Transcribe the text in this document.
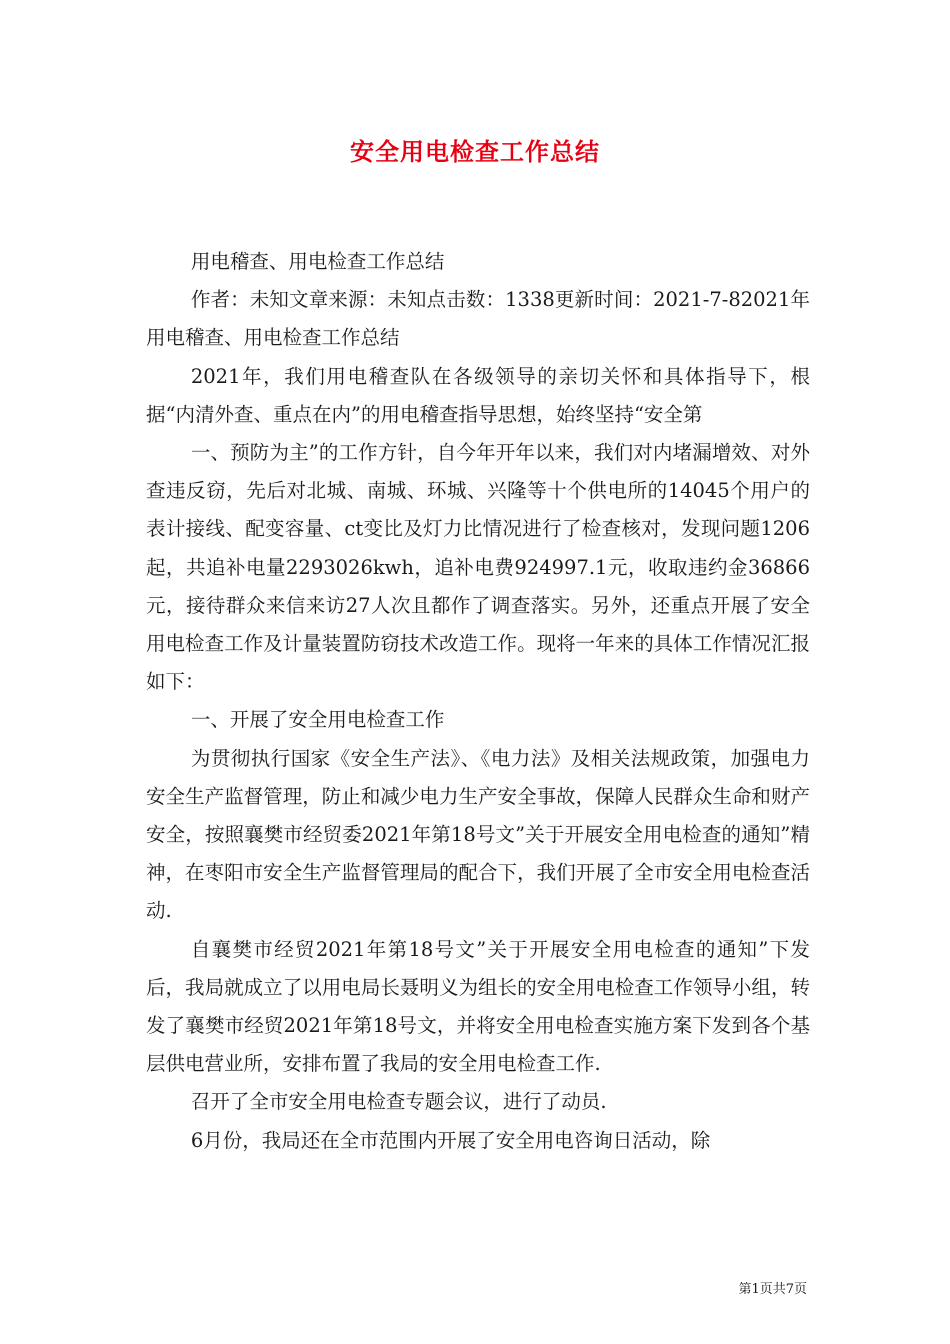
安全用电检查工作总结

用电稽查、用电检查工作总结

作者：未知文章来源：未知点击数：1338更新时间：2021-7-82021年用电稽查、用电检查工作总结

2021年，我们用电稽查队在各级领导的亲切关怀和具体指导下，根据“内清外查、重点在内”的用电稽查指导思想，始终坚持“安全第

一、预防为主”的工作方针，自今年开年以来，我们对内堵漏增效、对外查违反窃，先后对北城、南城、环城、兴隆等十个供电所的14045个用户的表计接线、配变容量、ct变比及灯力比情况进行了检查核对，发现问题1206起，共追补电量2293026kwh，追补电费924997.1元，收取违约金36866元，接待群众来信来访27人次且都作了调查落实。另外，还重点开展了安全用电检查工作及计量装置防窃技术改造工作。现将一年来的具体工作情况汇报如下：

一、开展了安全用电检查工作

为贯彻执行国家《安全生产法》、《电力法》及相关法规政策，加强电力安全生产监督管理，防止和减少电力生产安全事故，保障人民群众生命和财产安全，按照襄樊市经贸委2021年第18号文”关于开展安全用电检查的通知”精神，在枣阳市安全生产监督管理局的配合下，我们开展了全市安全用电检查活动.

自襄樊市经贸2021年第18号文”关于开展安全用电检查的通知”下发后，我局就成立了以用电局长聂明义为组长的安全用电检查工作领导小组，转发了襄樊市经贸2021年第18号文，并将安全用电检查实施方案下发到各个基层供电营业所，安排布置了我局的安全用电检查工作.

召开了全市安全用电检查专题会议，进行了动员.

6月份，我局还在全市范围内开展了安全用电咨询日活动，除

第1页共7页
